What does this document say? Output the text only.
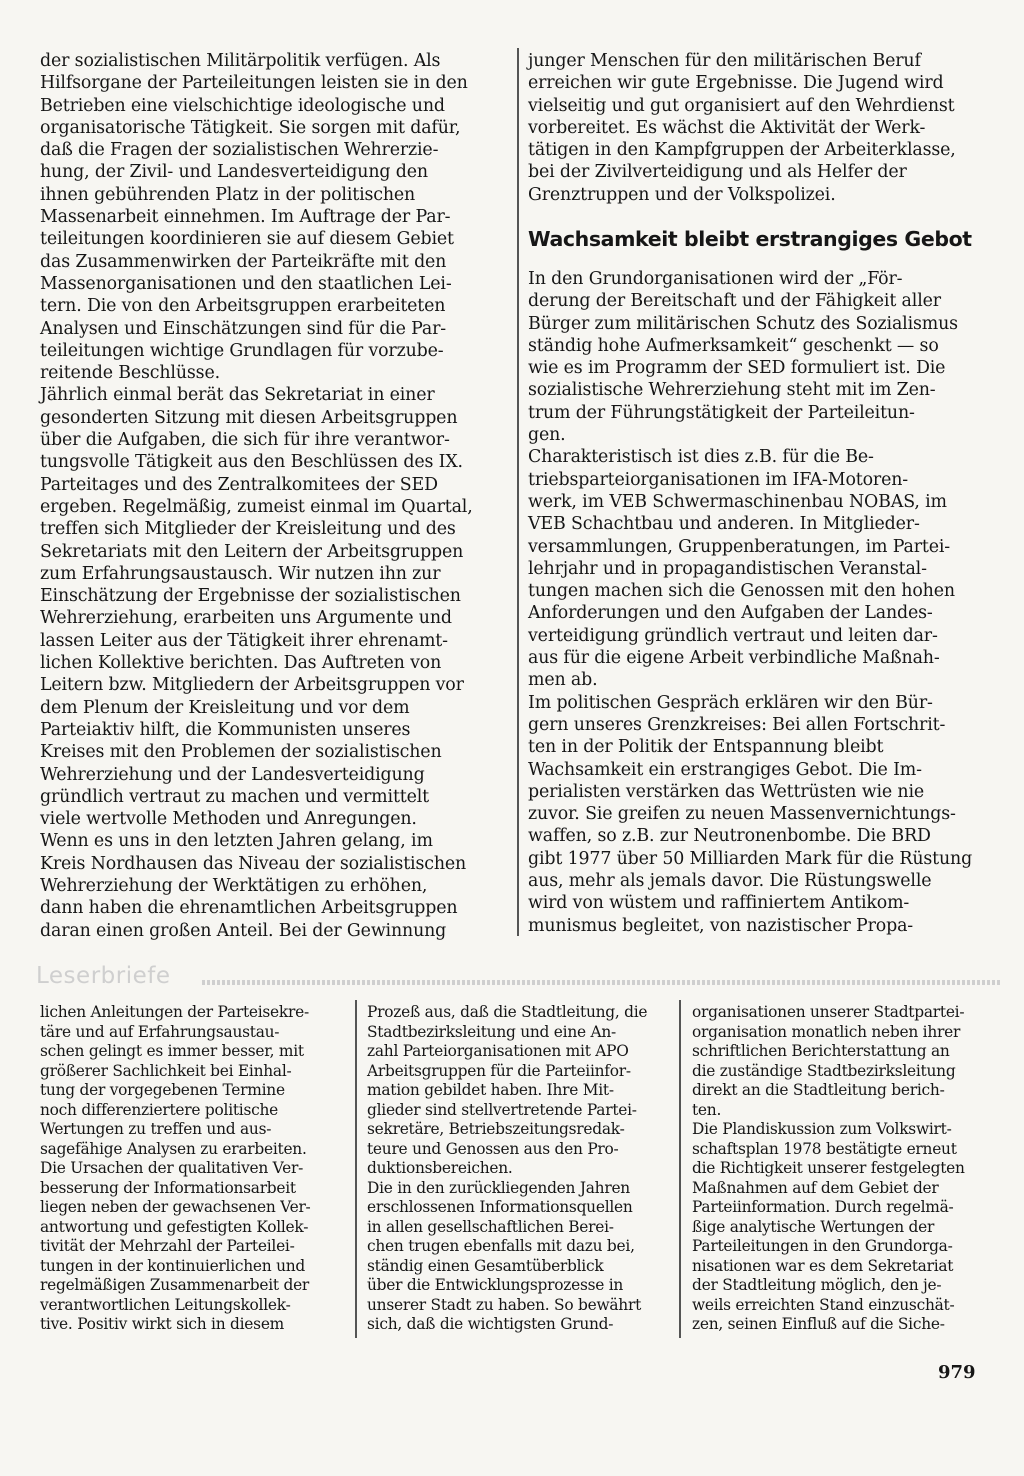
der sozialistischen Militärpolitik verfügen. Als
Hilfsorgane der Parteileitungen leisten sie in den
Betrieben eine vielschichtige ideologische und
organisatorische Tätigkeit. Sie sorgen mit dafür,
daß die Fragen der sozialistischen Wehrerzie-
hung, der Zivil- und Landesverteidigung den
ihnen gebührenden Platz in der politischen
Massenarbeit einnehmen. Im Auftrage der Par-
teileitungen koordinieren sie auf diesem Gebiet
das Zusammenwirken der Parteikräfte mit den
Massenorganisationen und den staatlichen Lei-
tern. Die von den Arbeitsgruppen erarbeiteten
Analysen und Einschätzungen sind für die Par-
teileitungen wichtige Grundlagen für vorzube-
reitende Beschlüsse.

Jährlich einmal berät das Sekretariat in einer
gesonderten Sitzung mit diesen Arbeitsgruppen
über die Aufgaben, die sich für ihre verantwor-
tungsvolle Tätigkeit aus den Beschlüssen des IX.
Parteitages und des Zentralkomitees der SED
ergeben. Regelmäßig, zumeist einmal im Quartal,
treffen sich Mitglieder der Kreisleitung und des
Sekretariats mit den Leitern der Arbeitsgruppen
zum Erfahrungsaustausch. Wir nutzen ihn zur
Einschätzung der Ergebnisse der sozialistischen
Wehrerziehung, erarbeiten uns Argumente und
lassen Leiter aus der Tätigkeit ihrer ehrenamt-
lichen Kollektive berichten. Das Auftreten von
Leitern bzw. Mitgliedern der Arbeitsgruppen vor
dem Plenum der Kreisleitung und vor dem
Parteiaktiv hilft, die Kommunisten unseres
Kreises mit den Problemen der sozialistischen
Wehrerziehung und der Landesverteidigung
gründlich vertraut zu machen und vermittelt
viele wertvolle Methoden und Anregungen.

Wenn es uns in den letzten Jahren gelang, im
Kreis Nordhausen das Niveau der sozialistischen
Wehrerziehung der Werktätigen zu erhöhen,
dann haben die ehrenamtlichen Arbeitsgruppen
daran einen großen Anteil. Bei der Gewinnung

junger Menschen für den militärischen Beruf
erreichen wir gute Ergebnisse. Die Jugend wird
vielseitig und gut organisiert auf den Wehrdienst
vorbereitet. Es wächst die Aktivität der Werk-
tätigen in den Kampfgruppen der Arbeiterklasse,
bei der Zivilverteidigung und als Helfer der
Grenztruppen und der Volkspolizei.

Wachsamkeit bleibt erstrangiges Gebot

In den Grundorganisationen wird der „För-
derung der Bereitschaft und der Fähigkeit aller
Bürger zum militärischen Schutz des Sozialismus
ständig hohe Aufmerksamkeit“ geschenkt — so
wie es im Programm der SED formuliert ist. Die
sozialistische Wehrerziehung steht mit im Zen-
trum der Führungstätigkeit der Parteileitun-
gen.

Charakteristisch ist dies z.B. für die Be-
triebsparteiorganisationen im IFA-Motoren-
werk, im VEB Schwermaschinenbau NOBAS, im
VEB Schachtbau und anderen. In Mitglieder-
versammlungen, Gruppenberatungen, im Partei-
lehrjahr und in propagandistischen Veranstal-
tungen machen sich die Genossen mit den hohen
Anforderungen und den Aufgaben der Landes-
verteidigung gründlich vertraut und leiten dar-
aus für die eigene Arbeit verbindliche Maßnah-
men ab.

Im politischen Gespräch erklären wir den Bür-
gern unseres Grenzkreises: Bei allen Fortschrit-
ten in der Politik der Entspannung bleibt
Wachsamkeit ein erstrangiges Gebot. Die Im-
perialisten verstärken das Wettrüsten wie nie
zuvor. Sie greifen zu neuen Massenvernichtungs-
waffen, so z.B. zur Neutronenbombe. Die BRD
gibt 1977 über 50 Milliarden Mark für die Rüstung
aus, mehr als jemals davor. Die Rüstungswelle
wird von wüstem und raffiniertem Antikom-
munismus begleitet, von nazistischer Propa-

Leserbriefe

lichen Anleitungen der Parteisekre-
täre und auf Erfahrungsaustau-
schen gelingt es immer besser, mit
größerer Sachlichkeit bei Einhal-
tung der vorgegebenen Termine
noch differenziertere politische
Wertungen zu treffen und aus-
sagefähige Analysen zu erarbeiten.

Die Ursachen der qualitativen Ver-
besserung der Informationsarbeit
liegen neben der gewachsenen Ver-
antwortung und gefestigten Kollek-
tivität der Mehrzahl der Parteilei-
tungen in der kontinuierlichen und
regelmäßigen Zusammenarbeit der
verantwortlichen Leitungskollek-
tive. Positiv wirkt sich in diesem

Prozeß aus, daß die Stadtleitung, die
Stadtbezirksleitung und eine An-
zahl Parteiorganisationen mit APO
Arbeitsgruppen für die Parteiinfor-
mation gebildet haben. Ihre Mit-
glieder sind stellvertretende Partei-
sekretäre, Betriebszeitungsredak-
teure und Genossen aus den Pro-
duktionsbereichen.

Die in den zurückliegenden Jahren
erschlossenen Informationsquellen
in allen gesellschaftlichen Berei-
chen trugen ebenfalls mit dazu bei,
ständig einen Gesamtüberblick
über die Entwicklungsprozesse in
unserer Stadt zu haben. So bewährt
sich, daß die wichtigsten Grund-

organisationen unserer Stadtpartei-
organisation monatlich neben ihrer
schriftlichen Berichterstattung an
die zuständige Stadtbezirksleitung
direkt an die Stadtleitung berich-
ten.

Die Plandiskussion zum Volkswirt-
schaftsplan 1978 bestätigte erneut
die Richtigkeit unserer festgelegten
Maßnahmen auf dem Gebiet der
Parteiinformation. Durch regelmä-
ßige analytische Wertungen der
Parteileitungen in den Grundorga-
nisationen war es dem Sekretariat
der Stadtleitung möglich, den je-
weils erreichten Stand einzuschät-
zen, seinen Einfluß auf die Siche-

979
